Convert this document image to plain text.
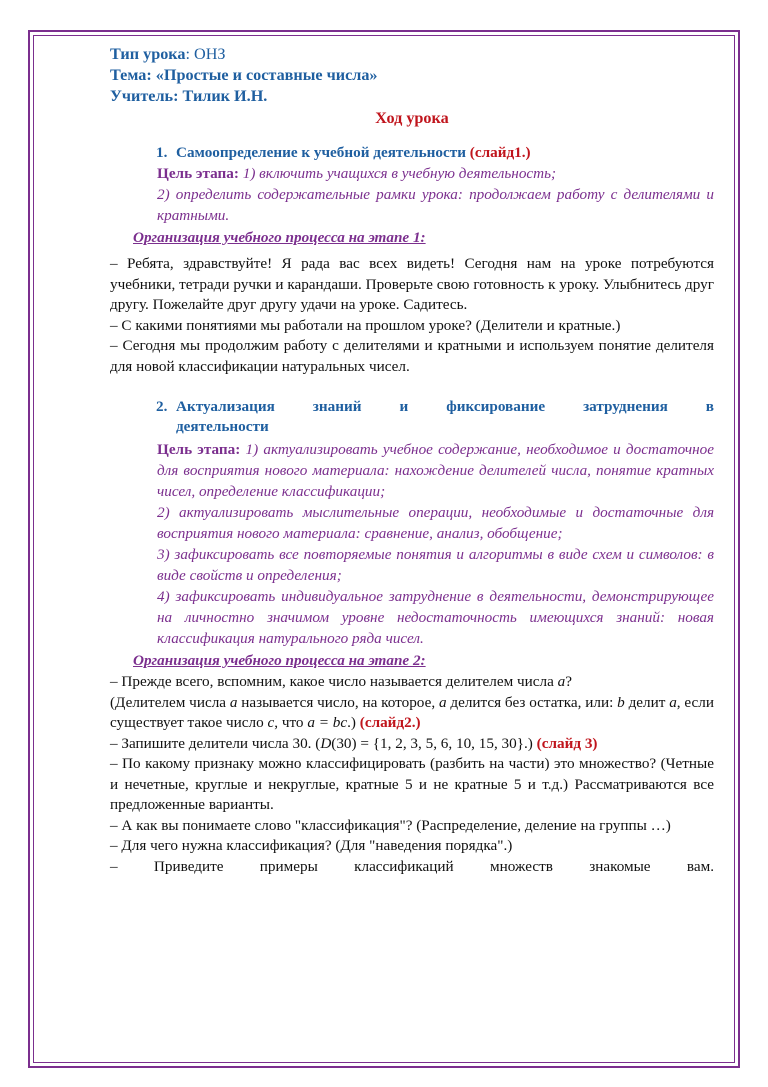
Тип урока: ОНЗ
Тема: «Простые и составные числа»
Учитель: Тилик И.Н.
Ход урока
1. Самоопределение к учебной деятельности (слайд1.)
Цель этапа: 1) включить учащихся в учебную деятельность;
2) определить содержательные рамки урока: продолжаем работу с делителями и кратными.
Организация учебного процесса на этапе 1:

– Ребята, здравствуйте! Я рада вас всех видеть! Сегодня нам на уроке потребуются учебники, тетради ручки и карандаши. Проверьте свою готовность к уроку. Улыбнитесь друг другу. Пожелайте друг другу удачи на уроке. Садитесь.

– С какими понятиями мы работали на прошлом уроке? (Делители и кратные.)

– Сегодня мы продолжим работу с делителями и кратными и используем понятие делителя для новой классификации натуральных чисел.

2. Актуализация знаний и фиксирование затруднения в
деятельности
Цель этапа: 1) актуализировать учебное содержание, необходимое и достаточное для восприятия нового материала: нахождение делителей числа, понятие кратных чисел, определение классификации;
2) актуализировать мыслительные операции, необходимые и достаточные для восприятия нового материала: сравнение, анализ, обобщение;
3) зафиксировать все повторяемые понятия и алгоритмы в виде схем и символов: в виде свойств и определения;
4) зафиксировать индивидуальное затруднение в деятельности, демонстрирующее на личностно значимом уровне недостаточность имеющихся знаний: новая классификация натурального ряда чисел.
Организация учебного процесса на этапе 2:

– Прежде всего, вспомним, какое число называется делителем числа a?

(Делителем числа a называется число, на которое, a делится без остатка, или: b делит a, если существует такое число c, что a = bc.) (слайд2.)

– Запишите делители числа 30. (D(30) = {1, 2, 3, 5, 6, 10, 15, 30}.) (слайд 3)

– По какому признаку можно классифицировать (разбить на части) это множество? (Четные и нечетные, круглые и некруглые, кратные 5 и не кратные 5 и т.д.) Рассматриваются все предложенные варианты.

– А как вы понимаете слово "классификация"? (Распределение, деление на группы …)

– Для чего нужна классификация? (Для "наведения порядка".)

– Приведите примеры классификаций множеств знакомые вам.
